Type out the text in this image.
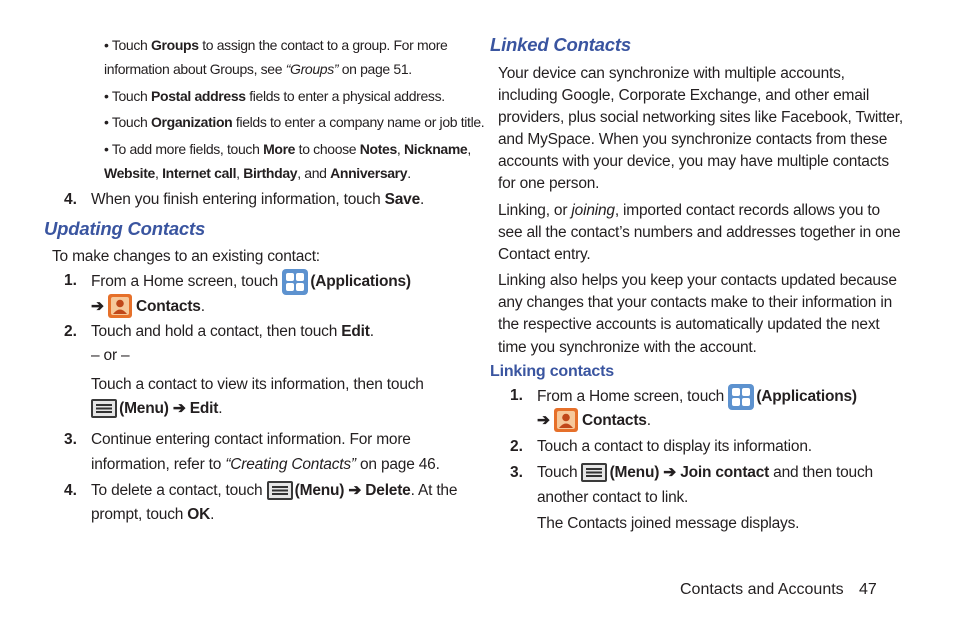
• Touch Groups to assign the contact to a group. For more
information about Groups, see “Groups” on page 51.
• Touch Postal address fields to enter a physical address.
• Touch Organization fields to enter a company name or job title.
• To add more fields, touch More to choose Notes, Nickname,
Website, Internet call, Birthday, and Anniversary.
4. When you finish entering information, touch Save.
Updating Contacts
To make changes to an existing contact:
1. From a Home screen, touch  (Applications)
➔ Contacts.
2. Touch and hold a contact, then touch Edit.
– or –
Touch a contact to view its information, then touch
(Menu) ➔ Edit.
3. Continue entering contact information. For more
information, refer to “Creating Contacts” on page 46.
4. To delete a contact, touch  (Menu) ➔ Delete. At the
prompt, touch OK.
Linked Contacts
Your device can synchronize with multiple accounts,
including Google, Corporate Exchange, and other email
providers, plus social networking sites like Facebook, Twitter,
and MySpace. When you synchronize contacts from these
accounts with your device, you may have multiple contacts
for one person.
Linking, or joining, imported contact records allows you to
see all the contact’s numbers and addresses together in one
Contact entry.
Linking also helps you keep your contacts updated because
any changes that your contacts make to their information in
the respective accounts is automatically updated the next
time you synchronize with the account.
Linking contacts
1. From a Home screen, touch  (Applications)
➔ Contacts.
2. Touch a contact to display its information.
3. Touch  (Menu) ➔ Join contact and then touch
another contact to link.
The Contacts joined message displays.
Contacts and Accounts 47
